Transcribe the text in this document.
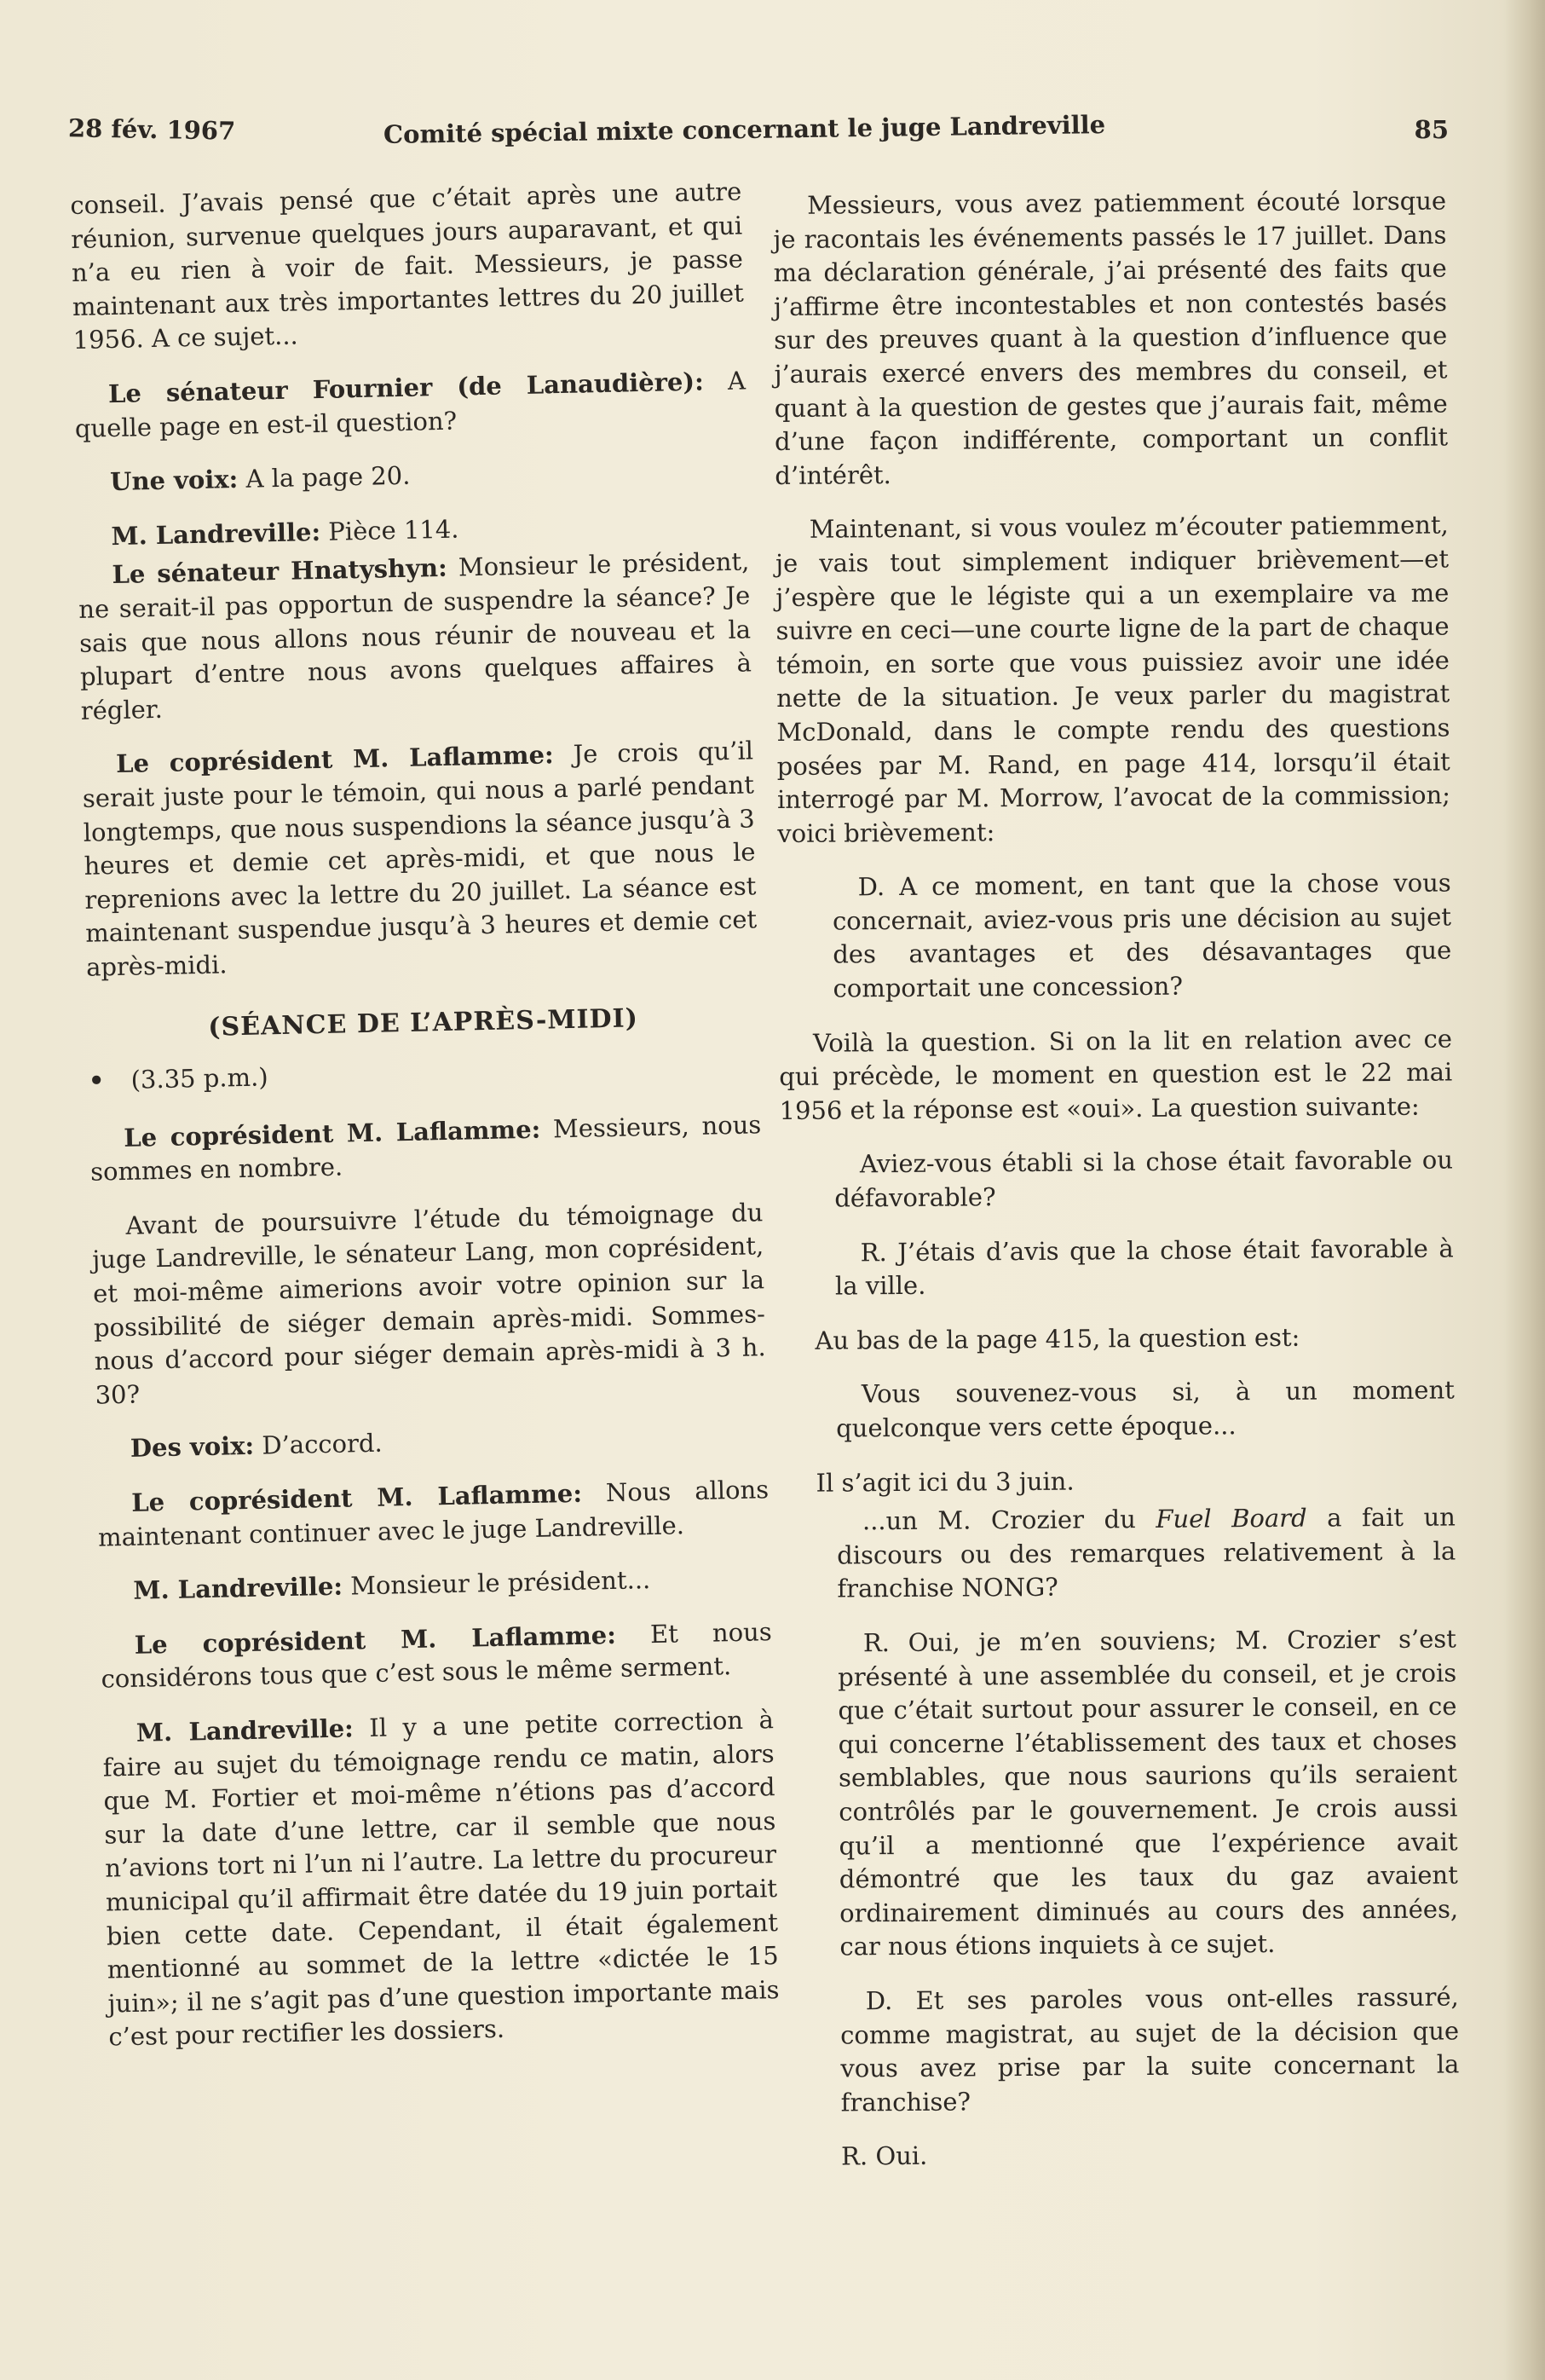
28 fév. 1967	Comité spécial mixte concernant le juge Landreville	85

conseil. J’avais pensé que c’était après une autre réunion, survenue quelques jours auparavant, et qui n’a eu rien à voir de fait. Messieurs, je passe maintenant aux très importantes lettres du 20 juillet 1956. A ce sujet...

Le sénateur Fournier (de Lanaudière): A quelle page en est-il question?

Une voix: A la page 20.

M. Landreville: Pièce 114.

Le sénateur Hnatyshyn: Monsieur le président, ne serait-il pas opportun de suspendre la séance? Je sais que nous allons nous réunir de nouveau et la plupart d’entre nous avons quelques affaires à régler.

Le coprésident M. Laflamme: Je crois qu’il serait juste pour le témoin, qui nous a parlé pendant longtemps, que nous suspendions la séance jusqu’à 3 heures et demie cet après-midi, et que nous le reprenions avec la lettre du 20 juillet. La séance est maintenant suspendue jusqu’à 3 heures et demie cet après-midi.

(SÉANCE DE L’APRÈS-MIDI)

• (3.35 p.m.)

Le coprésident M. Laflamme: Messieurs, nous sommes en nombre.

Avant de poursuivre l’étude du témoignage du juge Landreville, le sénateur Lang, mon coprésident, et moi-même aimerions avoir votre opinion sur la possibilité de siéger demain après-midi. Sommes-nous d’accord pour siéger demain après-midi à 3 h. 30?

Des voix: D’accord.

Le coprésident M. Laflamme: Nous allons maintenant continuer avec le juge Landreville.

M. Landreville: Monsieur le président...

Le coprésident M. Laflamme: Et nous considérons tous que c’est sous le même serment.

M. Landreville: Il y a une petite correction à faire au sujet du témoignage rendu ce matin, alors que M. Fortier et moi-même n’étions pas d’accord sur la date d’une lettre, car il semble que nous n’avions tort ni l’un ni l’autre. La lettre du procureur municipal qu’il affirmait être datée du 19 juin portait bien cette date. Cependant, il était également mentionné au sommet de la lettre «dictée le 15 juin»; il ne s’agit pas d’une question importante mais c’est pour rectifier les dossiers.

Messieurs, vous avez patiemment écouté lorsque je racontais les événements passés le 17 juillet. Dans ma déclaration générale, j’ai présenté des faits que j’affirme être incontestables et non contestés basés sur des preuves quant à la question d’influence que j’aurais exercé envers des membres du conseil, et quant à la question de gestes que j’aurais fait, même d’une façon indifférente, comportant un conflit d’intérêt.

Maintenant, si vous voulez m’écouter patiemment, je vais tout simplement indiquer brièvement—et j’espère que le légiste qui a un exemplaire va me suivre en ceci—une courte ligne de la part de chaque témoin, en sorte que vous puissiez avoir une idée nette de la situation. Je veux parler du magistrat McDonald, dans le compte rendu des questions posées par M. Rand, en page 414, lorsqu’il était interrogé par M. Morrow, l’avocat de la commission; voici brièvement:

D. A ce moment, en tant que la chose vous concernait, aviez-vous pris une décision au sujet des avantages et des désavantages que comportait une concession?

Voilà la question. Si on la lit en relation avec ce qui précède, le moment en question est le 22 mai 1956 et la réponse est «oui». La question suivante:

Aviez-vous établi si la chose était favorable ou défavorable?

R. J’étais d’avis que la chose était favorable à la ville.

Au bas de la page 415, la question est:

Vous souvenez-vous si, à un moment quelconque vers cette époque...

Il s’agit ici du 3 juin.

...un M. Crozier du Fuel Board a fait un discours ou des remarques relativement à la franchise NONG?

R. Oui, je m’en souviens; M. Crozier s’est présenté à une assemblée du conseil, et je crois que c’était surtout pour assurer le conseil, en ce qui concerne l’établissement des taux et choses semblables, que nous saurions qu’ils seraient contrôlés par le gouvernement. Je crois aussi qu’il a mentionné que l’expérience avait démontré que les taux du gaz avaient ordinairement diminués au cours des années, car nous étions inquiets à ce sujet.

D. Et ses paroles vous ont-elles rassuré, comme magistrat, au sujet de la décision que vous avez prise par la suite concernant la franchise?

R. Oui.
